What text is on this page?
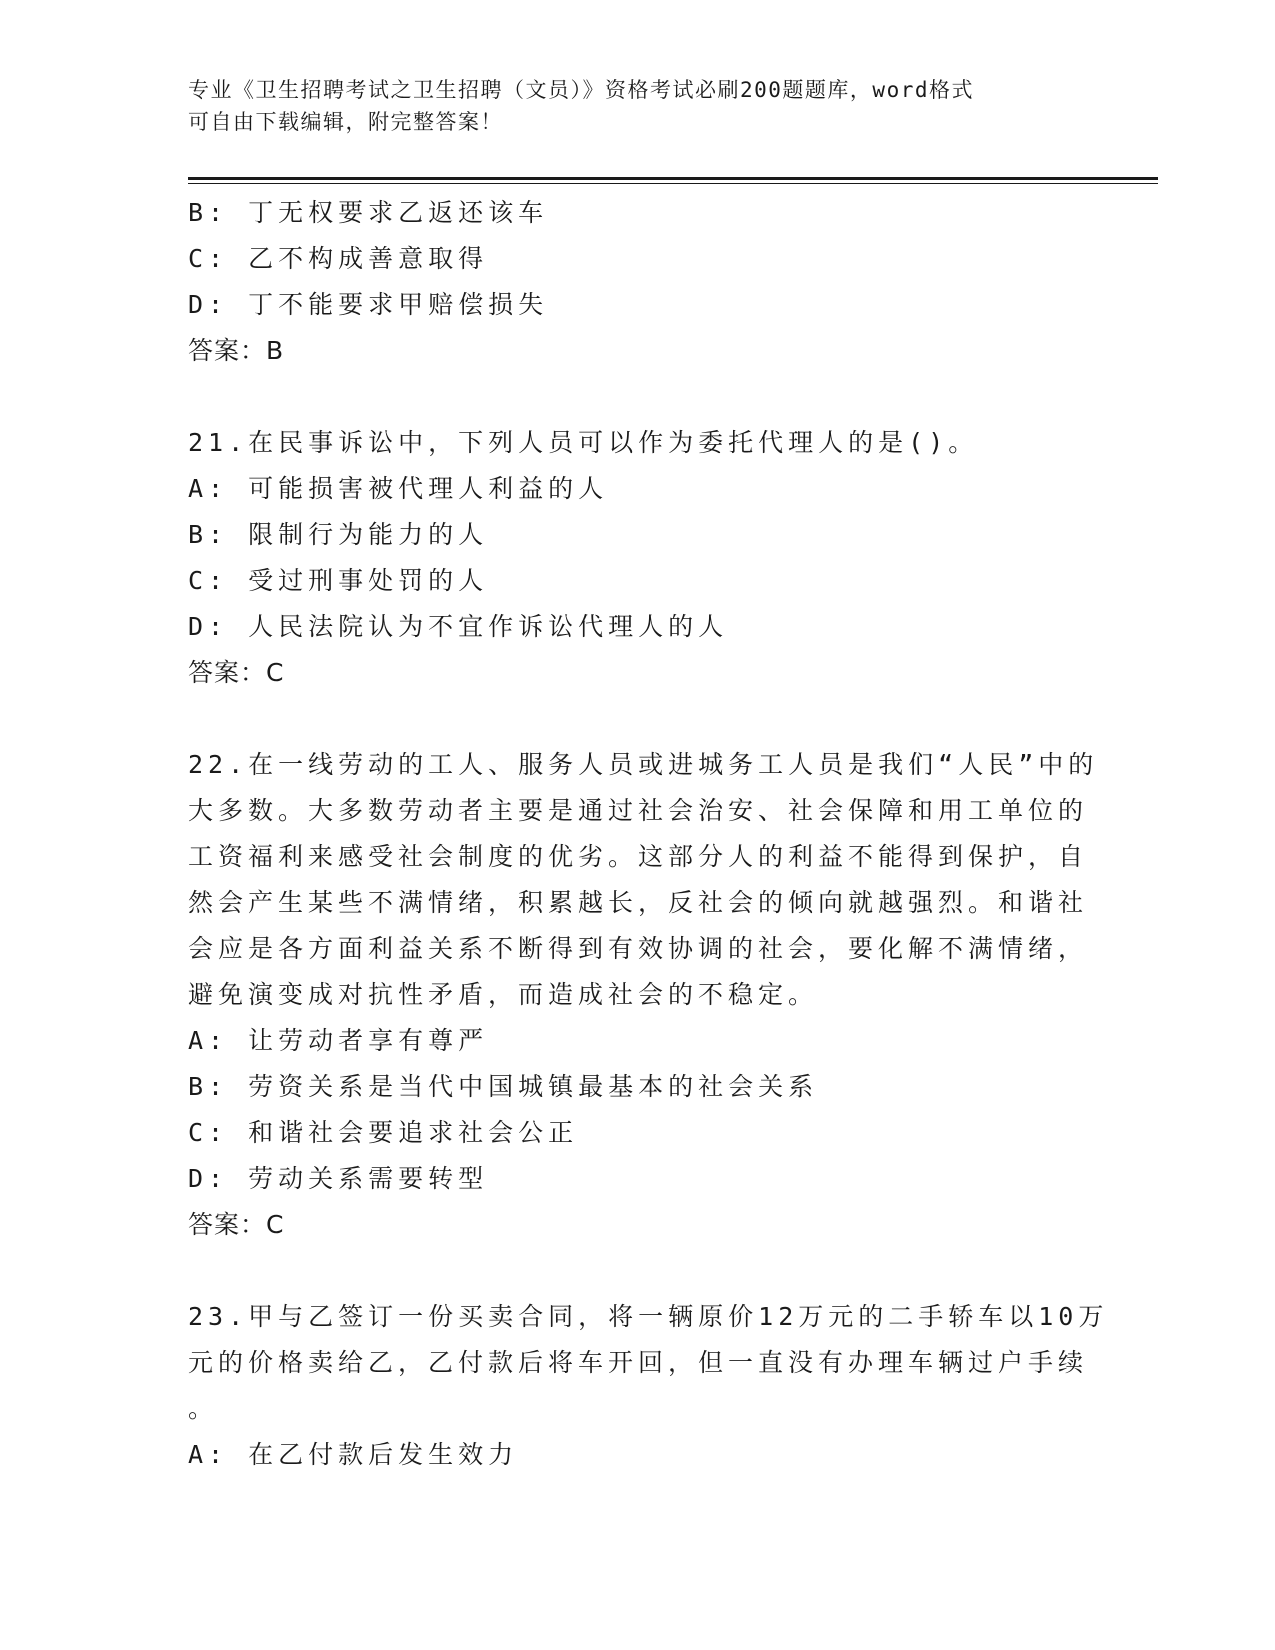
专业《卫生招聘考试之卫生招聘（文员）》资格考试必刷200题题库，word格式
可自由下载编辑，附完整答案！
B: 丁无权要求乙返还该车
C: 乙不构成善意取得
D: 丁不能要求甲赔偿损失
答案：B
21.在民事诉讼中，下列人员可以作为委托代理人的是()。
A: 可能损害被代理人利益的人
B: 限制行为能力的人
C: 受过刑事处罚的人
D: 人民法院认为不宜作诉讼代理人的人
答案：C
22.在一线劳动的工人、服务人员或进城务工人员是我们“人民”中的
大多数。大多数劳动者主要是通过社会治安、社会保障和用工单位的
工资福利来感受社会制度的优劣。这部分人的利益不能得到保护，自
然会产生某些不满情绪，积累越长，反社会的倾向就越强烈。和谐社
会应是各方面利益关系不断得到有效协调的社会，要化解不满情绪，
避免演变成对抗性矛盾，而造成社会的不稳定。
A: 让劳动者享有尊严
B: 劳资关系是当代中国城镇最基本的社会关系
C: 和谐社会要追求社会公正
D: 劳动关系需要转型
答案：C
23.甲与乙签订一份买卖合同，将一辆原价12万元的二手轿车以10万
元的价格卖给乙，乙付款后将车开回，但一直没有办理车辆过户手续
。
A: 在乙付款后发生效力
